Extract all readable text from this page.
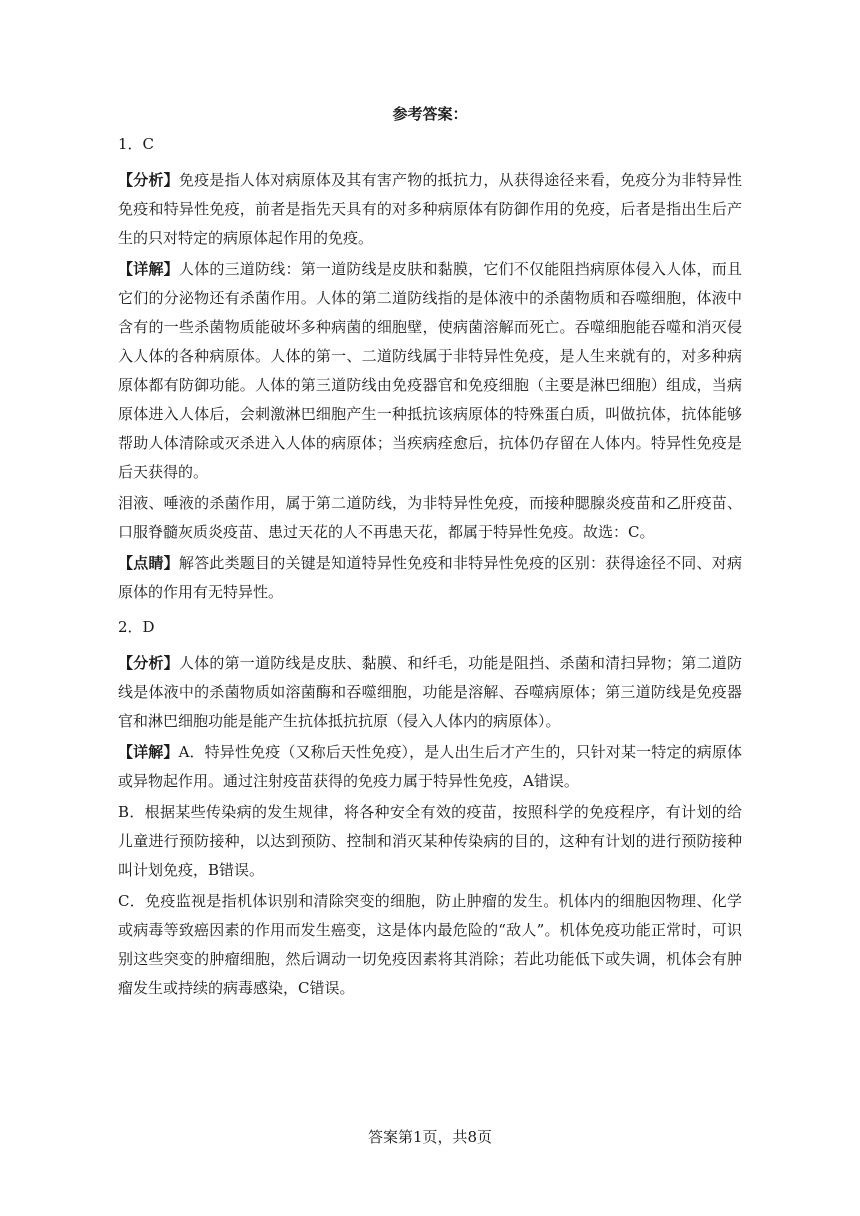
参考答案：
1．C

【分析】免疫是指人体对病原体及其有害产物的抵抗力，从获得途径来看，免疫分为非特异性免疫和特异性免疫，前者是指先天具有的对多种病原体有防御作用的免疫，后者是指出生后产生的只对特定的病原体起作用的免疫。

【详解】人体的三道防线：第一道防线是皮肤和黏膜，它们不仅能阻挡病原体侵入人体，而且它们的分泌物还有杀菌作用。人体的第二道防线指的是体液中的杀菌物质和吞噬细胞，体液中含有的一些杀菌物质能破坏多种病菌的细胞壁，使病菌溶解而死亡。吞噬细胞能吞噬和消灭侵入人体的各种病原体。人体的第一、二道防线属于非特异性免疫，是人生来就有的，对多种病原体都有防御功能。人体的第三道防线由免疫器官和免疫细胞（主要是淋巴细胞）组成，当病原体进入人体后，会刺激淋巴细胞产生一种抵抗该病原体的特殊蛋白质，叫做抗体，抗体能够帮助人体清除或灭杀进入人体的病原体；当疾病痊愈后，抗体仍存留在人体内。特异性免疫是后天获得的。

泪液、唾液的杀菌作用，属于第二道防线，为非特异性免疫，而接种腮腺炎疫苗和乙肝疫苗、口服脊髓灰质炎疫苗、患过天花的人不再患天花，都属于特异性免疫。故选：C。

【点睛】解答此类题目的关键是知道特异性免疫和非特异性免疫的区别：获得途径不同、对病原体的作用有无特异性。

2．D

【分析】人体的第一道防线是皮肤、黏膜、和纤毛，功能是阻挡、杀菌和清扫异物；第二道防线是体液中的杀菌物质如溶菌酶和吞噬细胞，功能是溶解、吞噬病原体；第三道防线是免疫器官和淋巴细胞功能是能产生抗体抵抗抗原（侵入人体内的病原体）。

【详解】A．特异性免疫（又称后天性免疫），是人出生后才产生的，只针对某一特定的病原体或异物起作用。通过注射疫苗获得的免疫力属于特异性免疫，A错误。

B．根据某些传染病的发生规律，将各种安全有效的疫苗，按照科学的免疫程序，有计划的给儿童进行预防接种，以达到预防、控制和消灭某种传染病的目的，这种有计划的进行预防接种叫计划免疫，B错误。

C．免疫监视是指机体识别和清除突变的细胞，防止肿瘤的发生。机体内的细胞因物理、化学或病毒等致癌因素的作用而发生癌变，这是体内最危险的“敌人”。机体免疫功能正常时，可识别这些突变的肿瘤细胞，然后调动一切免疫因素将其消除；若此功能低下或失调，机体会有肿瘤发生或持续的病毒感染，C错误。

答案第1页，共8页
